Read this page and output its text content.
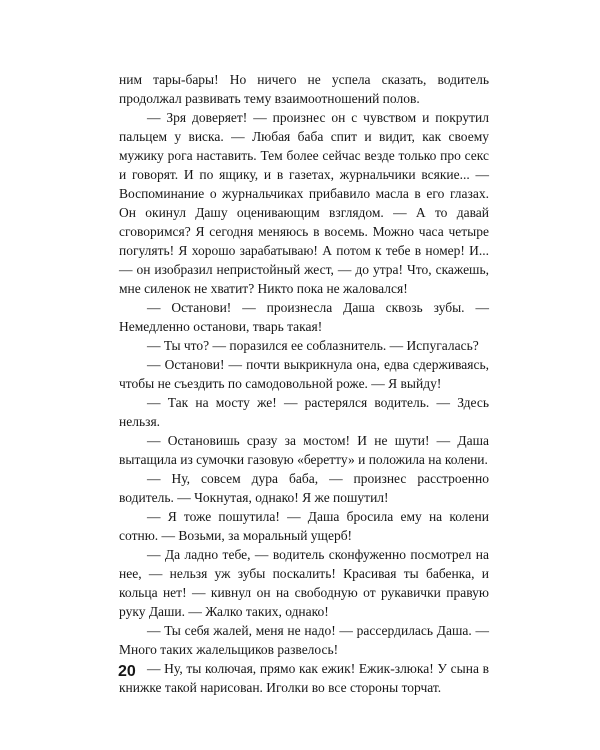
ним тары-бары! Но ничего не успела сказать, водитель продолжал развивать тему взаимоотношений полов.

— Зря доверяет! — произнес он с чувством и покрутил пальцем у виска. — Любая баба спит и видит, как своему мужику рога наставить. Тем более сейчас везде только про секс и говорят. И по ящику, и в газетах, журнальчики всякие... — Воспоминание о журнальчиках прибавило масла в его глазах. Он окинул Дашу оценивающим взглядом. — А то давай сговоримся? Я сегодня меняюсь в восемь. Можно часа четыре погулять! Я хорошо зарабатываю! А потом к тебе в номер! И... — он изобразил непристойный жест, — до утра! Что, скажешь, мне силенок не хватит? Никто пока не жаловался!

— Останови! — произнесла Даша сквозь зубы. — Немедленно останови, тварь такая!

— Ты что? — поразился ее соблазнитель. — Испугалась?

— Останови! — почти выкрикнула она, едва сдерживаясь, чтобы не съездить по самодовольной роже. — Я выйду!

— Так на мосту же! — растерялся водитель. — Здесь нельзя.

— Остановишь сразу за мостом! И не шути! — Даша вытащила из сумочки газовую «беретту» и положила на колени.

— Ну, совсем дура баба, — произнес расстроенно водитель. — Чокнутая, однако! Я же пошутил!

— Я тоже пошутила! — Даша бросила ему на колени сотню. — Возьми, за моральный ущерб!

— Да ладно тебе, — водитель сконфуженно посмотрел на нее, — нельзя уж зубы поскалить! Красивая ты бабенка, и кольца нет! — кивнул он на свободную от рукавички правую руку Даши. — Жалко таких, однако!

— Ты себя жалей, меня не надо! — рассердилась Даша. — Много таких жалельщиков развелось!

— Ну, ты колючая, прямо как ежик! Ежик-злюка! У сына в книжке такой нарисован. Иголки во все стороны торчат.

20
